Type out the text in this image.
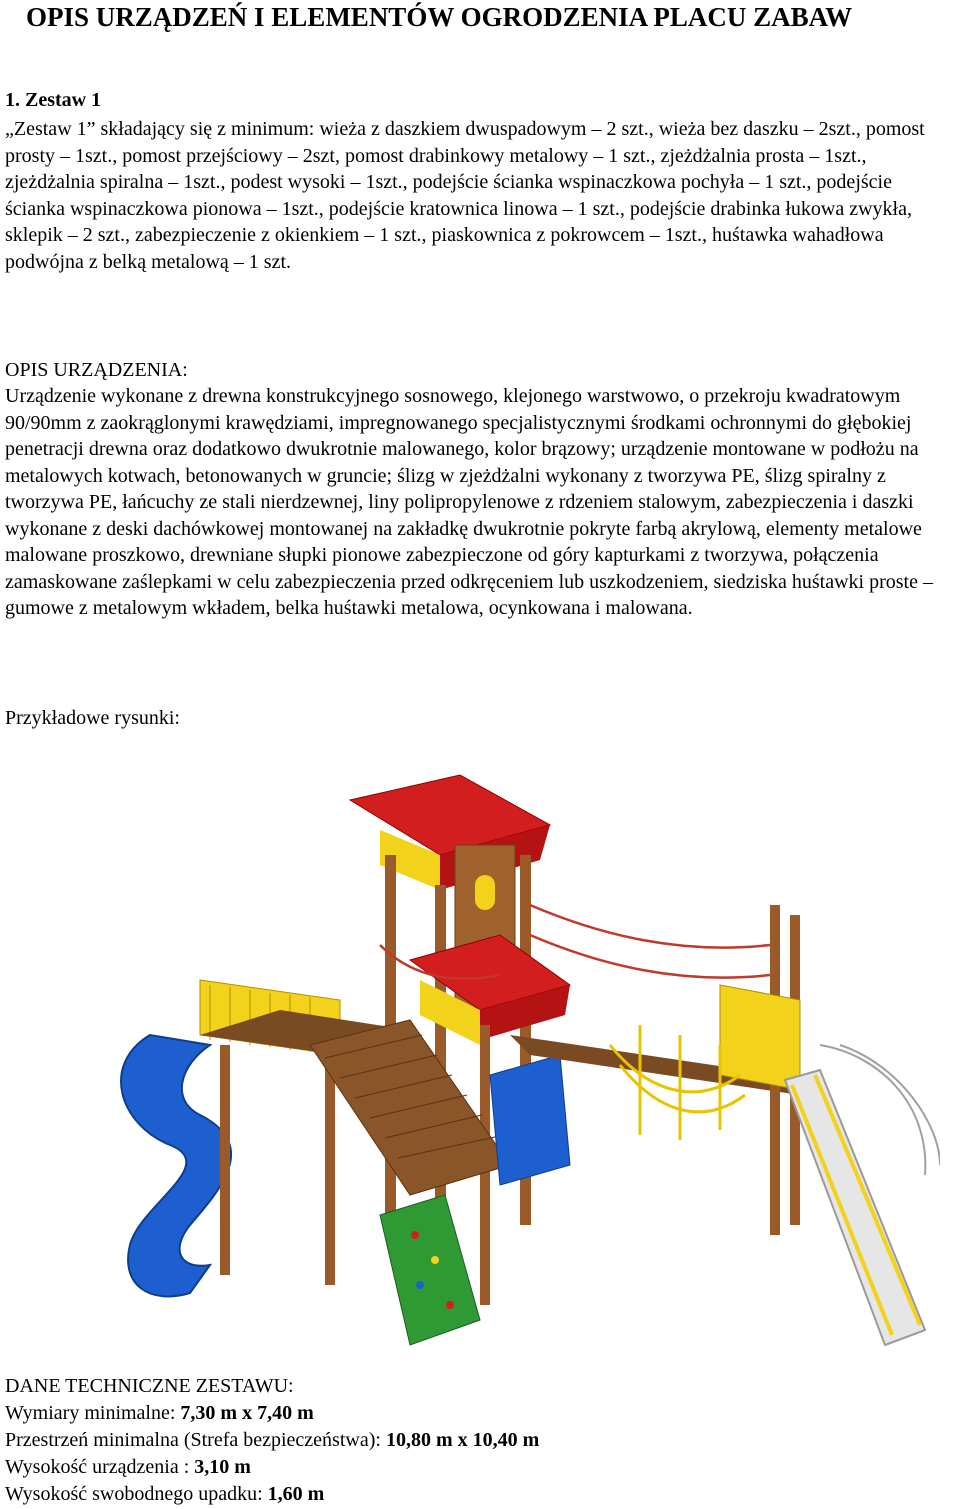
OPIS URZĄDZEŃ I ELEMENTÓW OGRODZENIA PLACU ZABAW
1. Zestaw 1

„Zestaw 1” składający się z minimum: wieża z daszkiem dwuspadowym – 2 szt., wieża bez daszku – 2szt., pomost prosty – 1szt., pomost przejściowy – 2szt, pomost drabinkowy metalowy – 1 szt., zjeżdżalnia prosta – 1szt., zjeżdżalnia spiralna – 1szt., podest wysoki – 1szt., podejście ścianka wspinaczkowa pochyła – 1 szt., podejście ścianka wspinaczkowa pionowa – 1szt., podejście kratownica linowa – 1 szt., podejście drabinka łukowa zwykła, sklepik – 2 szt., zabezpieczenie z okienkiem – 1 szt., piaskownica z pokrowcem – 1szt., huśtawka wahadłowa podwójna z belką metalową – 1 szt.

OPIS URZĄDZENIA:

Urządzenie wykonane z drewna konstrukcyjnego sosnowego, klejonego warstwowo, o przekroju kwadratowym 90/90mm z zaokrąglonymi krawędziami, impregnowanego specjalistycznymi środkami ochronnymi do głębokiej penetracji drewna oraz dodatkowo dwukrotnie malowanego, kolor brązowy; urządzenie montowane w podłożu na metalowych kotwach, betonowanych w gruncie; ślizg w zjeżdżalni wykonany z tworzywa PE, ślizg spiralny z tworzywa PE, łańcuchy ze stali nierdzewnej, liny polipropylenowe z rdzeniem stalowym, zabezpieczenia i daszki wykonane z deski dachówkowej montowanej na zakładkę dwukrotnie pokryte farbą akrylową, elementy metalowe malowane proszkowo, drewniane słupki pionowe zabezpieczone od góry kapturkami z tworzywa, połączenia zamaskowane zaślepkami w celu zabezpieczenia przed odkręceniem lub uszkodzeniem, siedziska huśtawki proste – gumowe z metalowym wkładem, belka huśtawki metalowa, ocynkowana i malowana.

Przykładowe rysunki:

DANE TECHNICZNE ZESTAWU:
Wymiary minimalne: 7,30 m x 7,40 m
Przestrzeń minimalna (Strefa bezpieczeństwa): 10,80 m x 10,40 m
Wysokość urządzenia : 3,10 m
Wysokość swobodnego upadku: 1,60 m
